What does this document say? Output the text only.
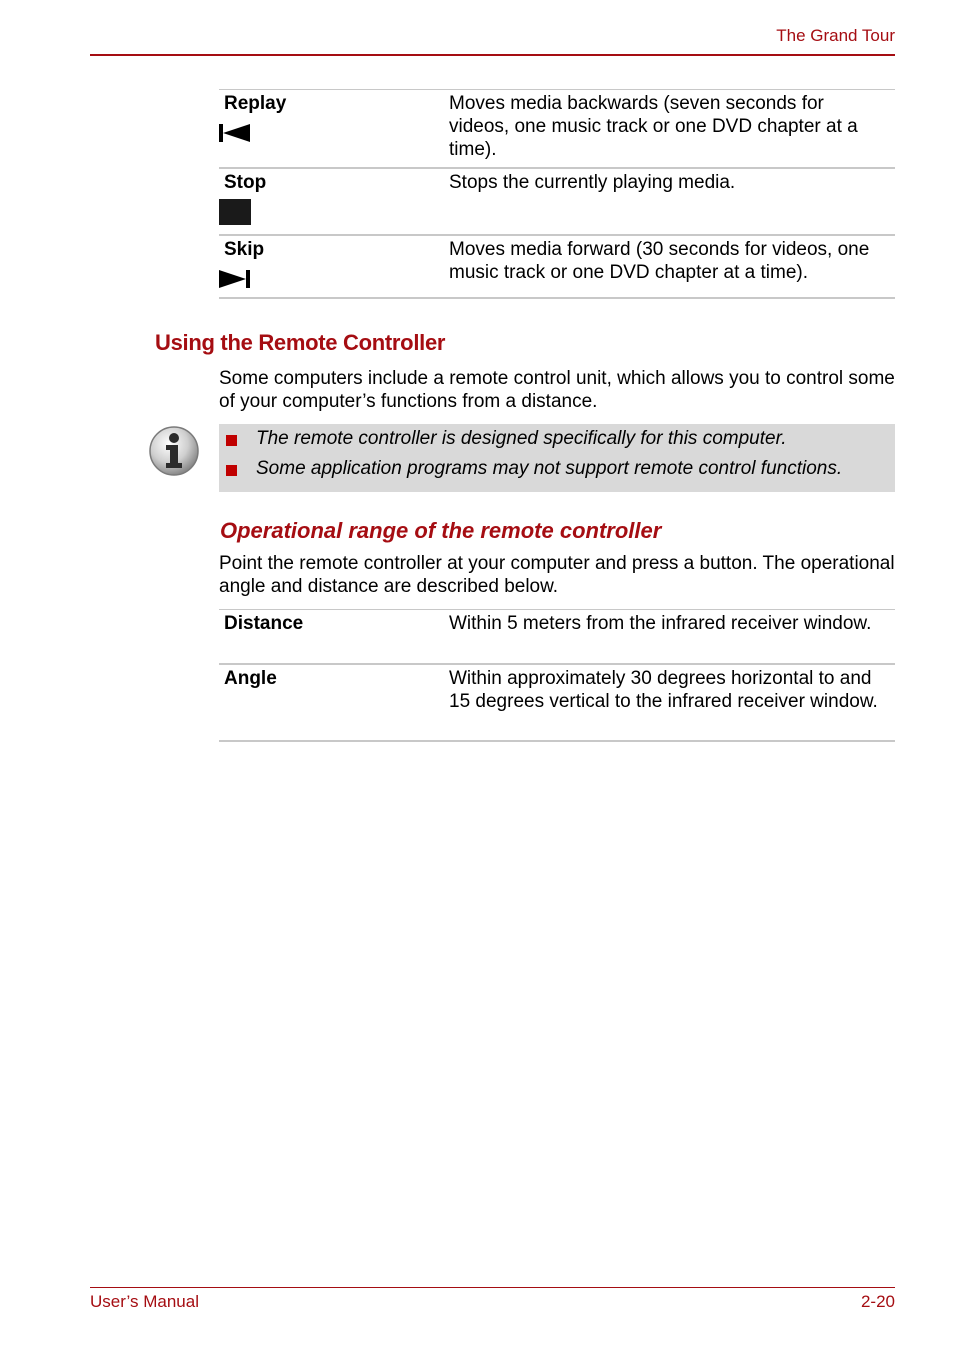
The Grand Tour
Replay	Moves media backwards (seven seconds for videos, one music track or one DVD chapter at a time).
Stop	Stops the currently playing media.
Skip	Moves media forward (30 seconds for videos, one music track or one DVD chapter at a time).
Using the Remote Controller
Some computers include a remote control unit, which allows you to control some of your computer’s functions from a distance.
The remote controller is designed specifically for this computer.
Some application programs may not support remote control functions.
Operational range of the remote controller
Point the remote controller at your computer and press a button. The operational angle and distance are described below.
Distance	Within 5 meters from the infrared receiver window.
Angle	Within approximately 30 degrees horizontal to and 15 degrees vertical to the infrared receiver window.
User’s Manual	2-20
